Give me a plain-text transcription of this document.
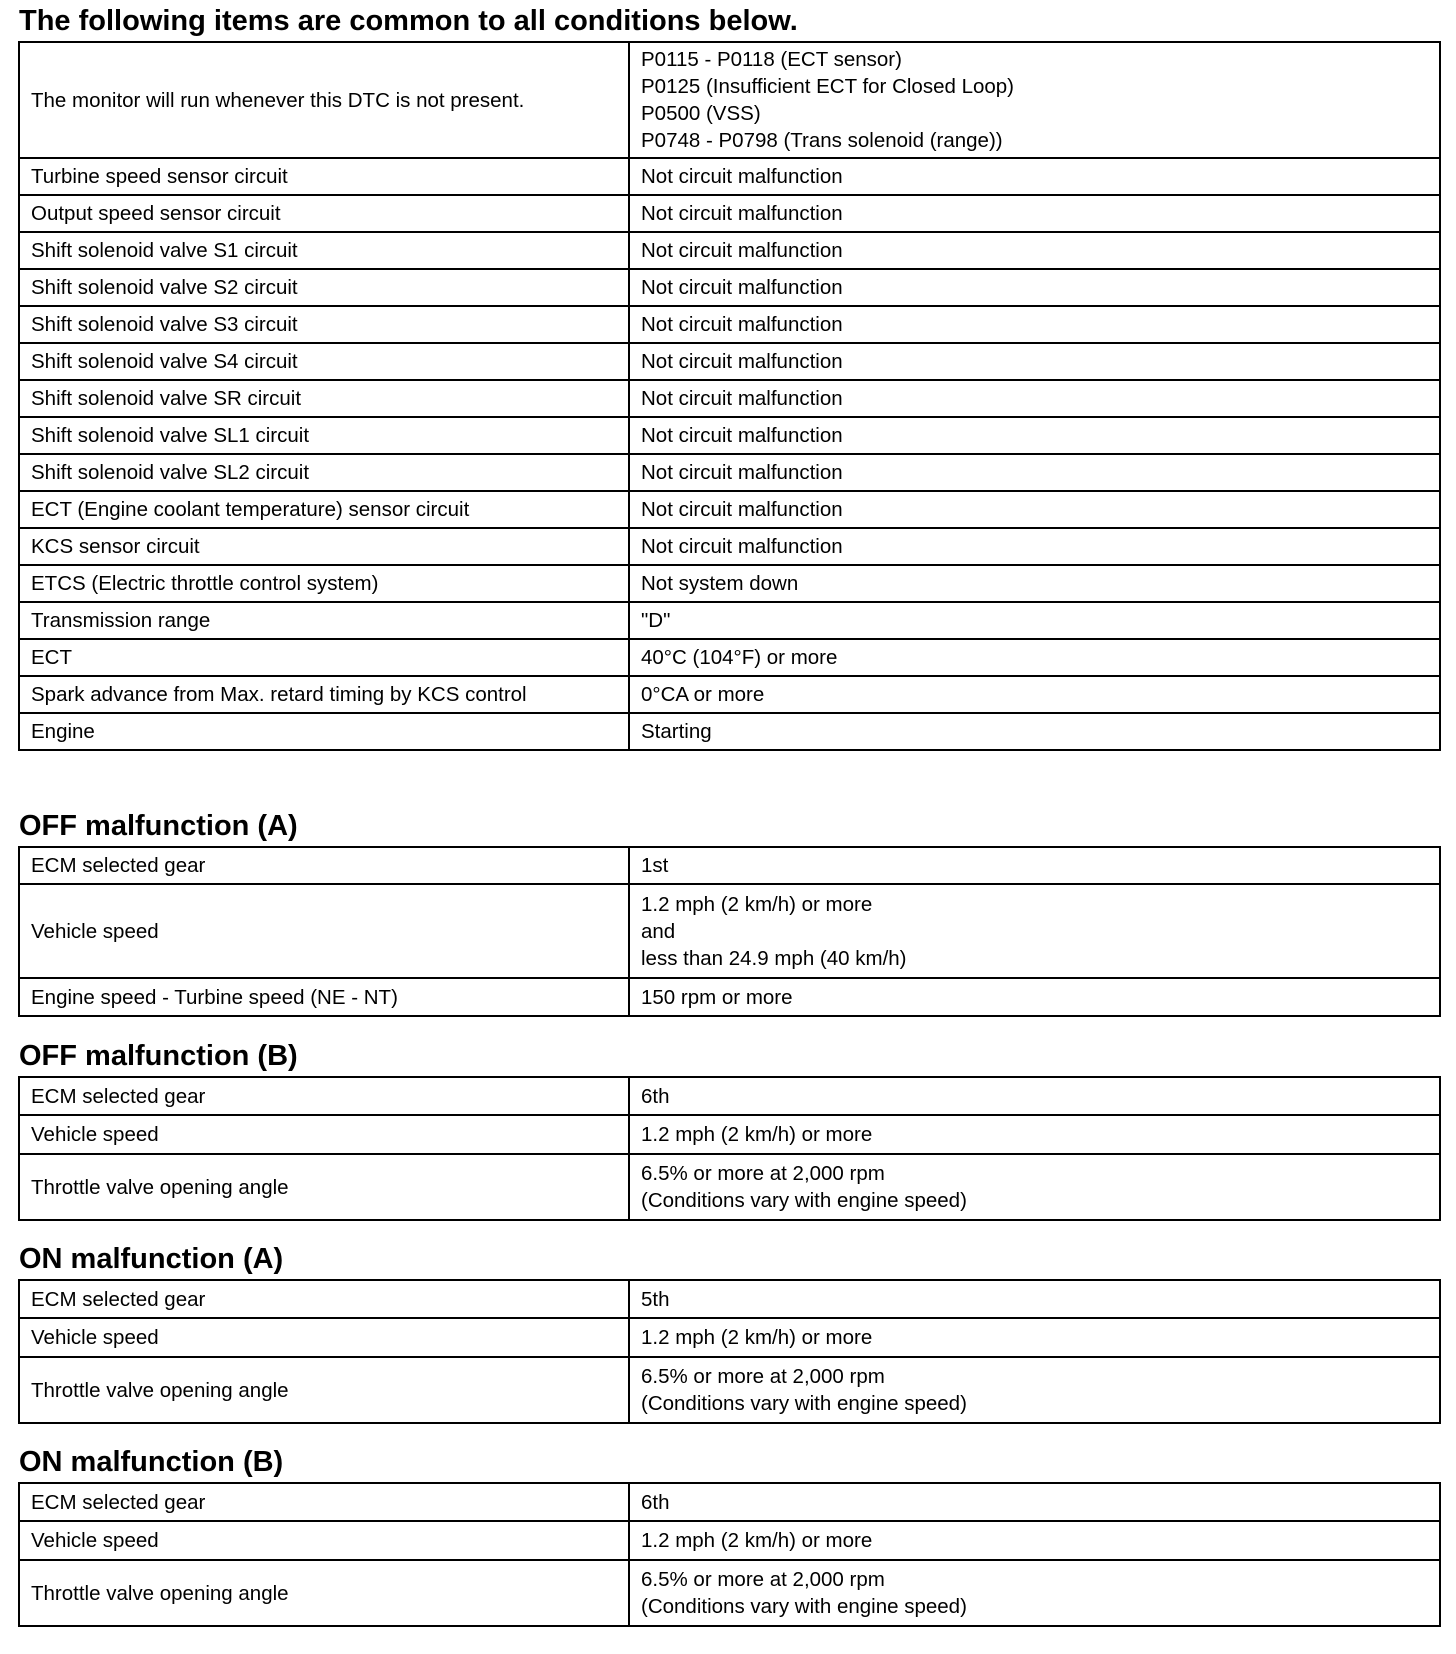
The following items are common to all conditions below.
The monitor will run whenever this DTC is not present.	P0115 - P0118 (ECT sensor)
P0125 (Insufficient ECT for Closed Loop)
P0500 (VSS)
P0748 - P0798 (Trans solenoid (range))

Turbine speed sensor circuit	Not circuit malfunction
Output speed sensor circuit	Not circuit malfunction
Shift solenoid valve S1 circuit	Not circuit malfunction
Shift solenoid valve S2 circuit	Not circuit malfunction
Shift solenoid valve S3 circuit	Not circuit malfunction
Shift solenoid valve S4 circuit	Not circuit malfunction
Shift solenoid valve SR circuit	Not circuit malfunction
Shift solenoid valve SL1 circuit	Not circuit malfunction
Shift solenoid valve SL2 circuit	Not circuit malfunction
ECT (Engine coolant temperature) sensor circuit	Not circuit malfunction
KCS sensor circuit	Not circuit malfunction
ETCS (Electric throttle control system)	Not system down
Transmission range	"D"
ECT	40°C (104°F) or more
Spark advance from Max. retard timing by KCS control	0°CA or more
Engine	Starting
OFF malfunction (A)
ECM selected gear	1st
Vehicle speed	1.2 mph (2 km/h) or more
and
less than 24.9 mph (40 km/h)

Engine speed - Turbine speed (NE - NT)	150 rpm or more
OFF malfunction (B)
ECM selected gear	6th
Vehicle speed	1.2 mph (2 km/h) or more
Throttle valve opening angle	6.5% or more at 2,000 rpm
(Conditions vary with engine speed)
ON malfunction (A)
ECM selected gear	5th
Vehicle speed	1.2 mph (2 km/h) or more
Throttle valve opening angle	6.5% or more at 2,000 rpm
(Conditions vary with engine speed)
ON malfunction (B)
ECM selected gear	6th
Vehicle speed	1.2 mph (2 km/h) or more
Throttle valve opening angle	6.5% or more at 2,000 rpm
(Conditions vary with engine speed)
